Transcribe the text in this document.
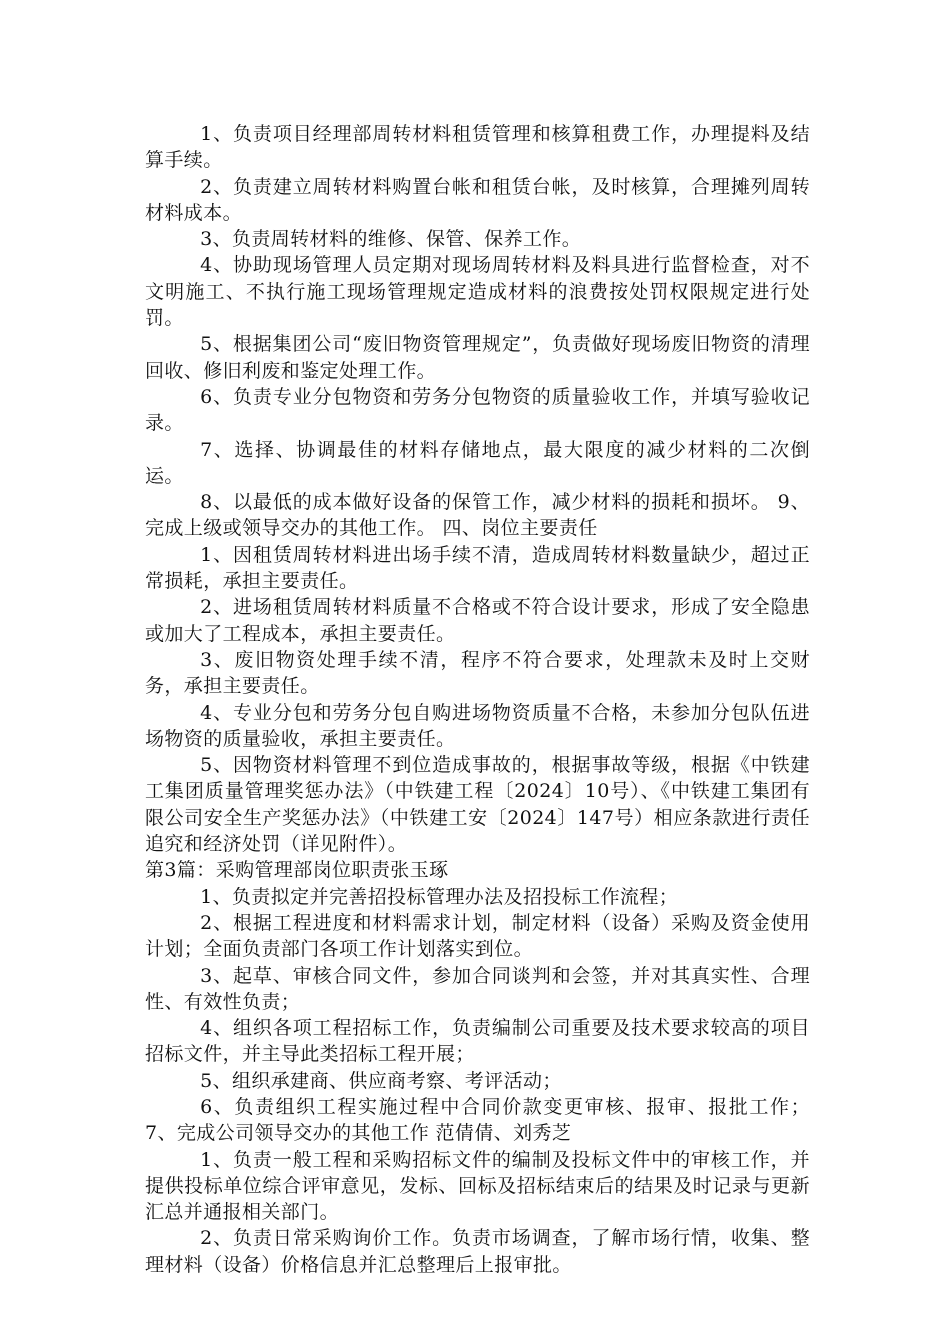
1、负责项目经理部周转材料租赁管理和核算租费工作，办理提料及结算手续。

2、负责建立周转材料购置台帐和租赁台帐，及时核算，合理摊列周转材料成本。

3、负责周转材料的维修、保管、保养工作。

4、协助现场管理人员定期对现场周转材料及料具进行监督检查，对不文明施工、不执行施工现场管理规定造成材料的浪费按处罚权限规定进行处罚。

5、根据集团公司“废旧物资管理规定”，负责做好现场废旧物资的清理回收、修旧利废和鉴定处理工作。

6、负责专业分包物资和劳务分包物资的质量验收工作，并填写验收记录。

7、选择、协调最佳的材料存储地点，最大限度的减少材料的二次倒运。

8、以最低的成本做好设备的保管工作，减少材料的损耗和损坏。 9、完成上级或领导交办的其他工作。 四、岗位主要责任

1、因租赁周转材料进出场手续不清，造成周转材料数量缺少，超过正常损耗，承担主要责任。

2、进场租赁周转材料质量不合格或不符合设计要求，形成了安全隐患或加大了工程成本，承担主要责任。

3、废旧物资处理手续不清，程序不符合要求，处理款未及时上交财务，承担主要责任。

4、专业分包和劳务分包自购进场物资质量不合格，未参加分包队伍进场物资的质量验收，承担主要责任。

5、因物资材料管理不到位造成事故的，根据事故等级，根据《中铁建工集团质量管理奖惩办法》（中铁建工程〔2024〕10号）、《中铁建工集团有限公司安全生产奖惩办法》（中铁建工安〔2024〕147号）相应条款进行责任追究和经济处罚（详见附件）。

第3篇：采购管理部岗位职责张玉琢

1、负责拟定并完善招投标管理办法及招投标工作流程；

2、根据工程进度和材料需求计划，制定材料（设备）采购及资金使用计划；全面负责部门各项工作计划落实到位。

3、起草、审核合同文件，参加合同谈判和会签，并对其真实性、合理性、有效性负责；

4、组织各项工程招标工作，负责编制公司重要及技术要求较高的项目招标文件，并主导此类招标工程开展；

5、组织承建商、供应商考察、考评活动；

6、负责组织工程实施过程中合同价款变更审核、报审、报批工作； 7、完成公司领导交办的其他工作 范倩倩、刘秀芝

1、负责一般工程和采购招标文件的编制及投标文件中的审核工作，并提供投标单位综合评审意见，发标、回标及招标结束后的结果及时记录与更新汇总并通报相关部门。

2、负责日常采购询价工作。负责市场调查，了解市场行情，收集、整理材料（设备）价格信息并汇总整理后上报审批。
